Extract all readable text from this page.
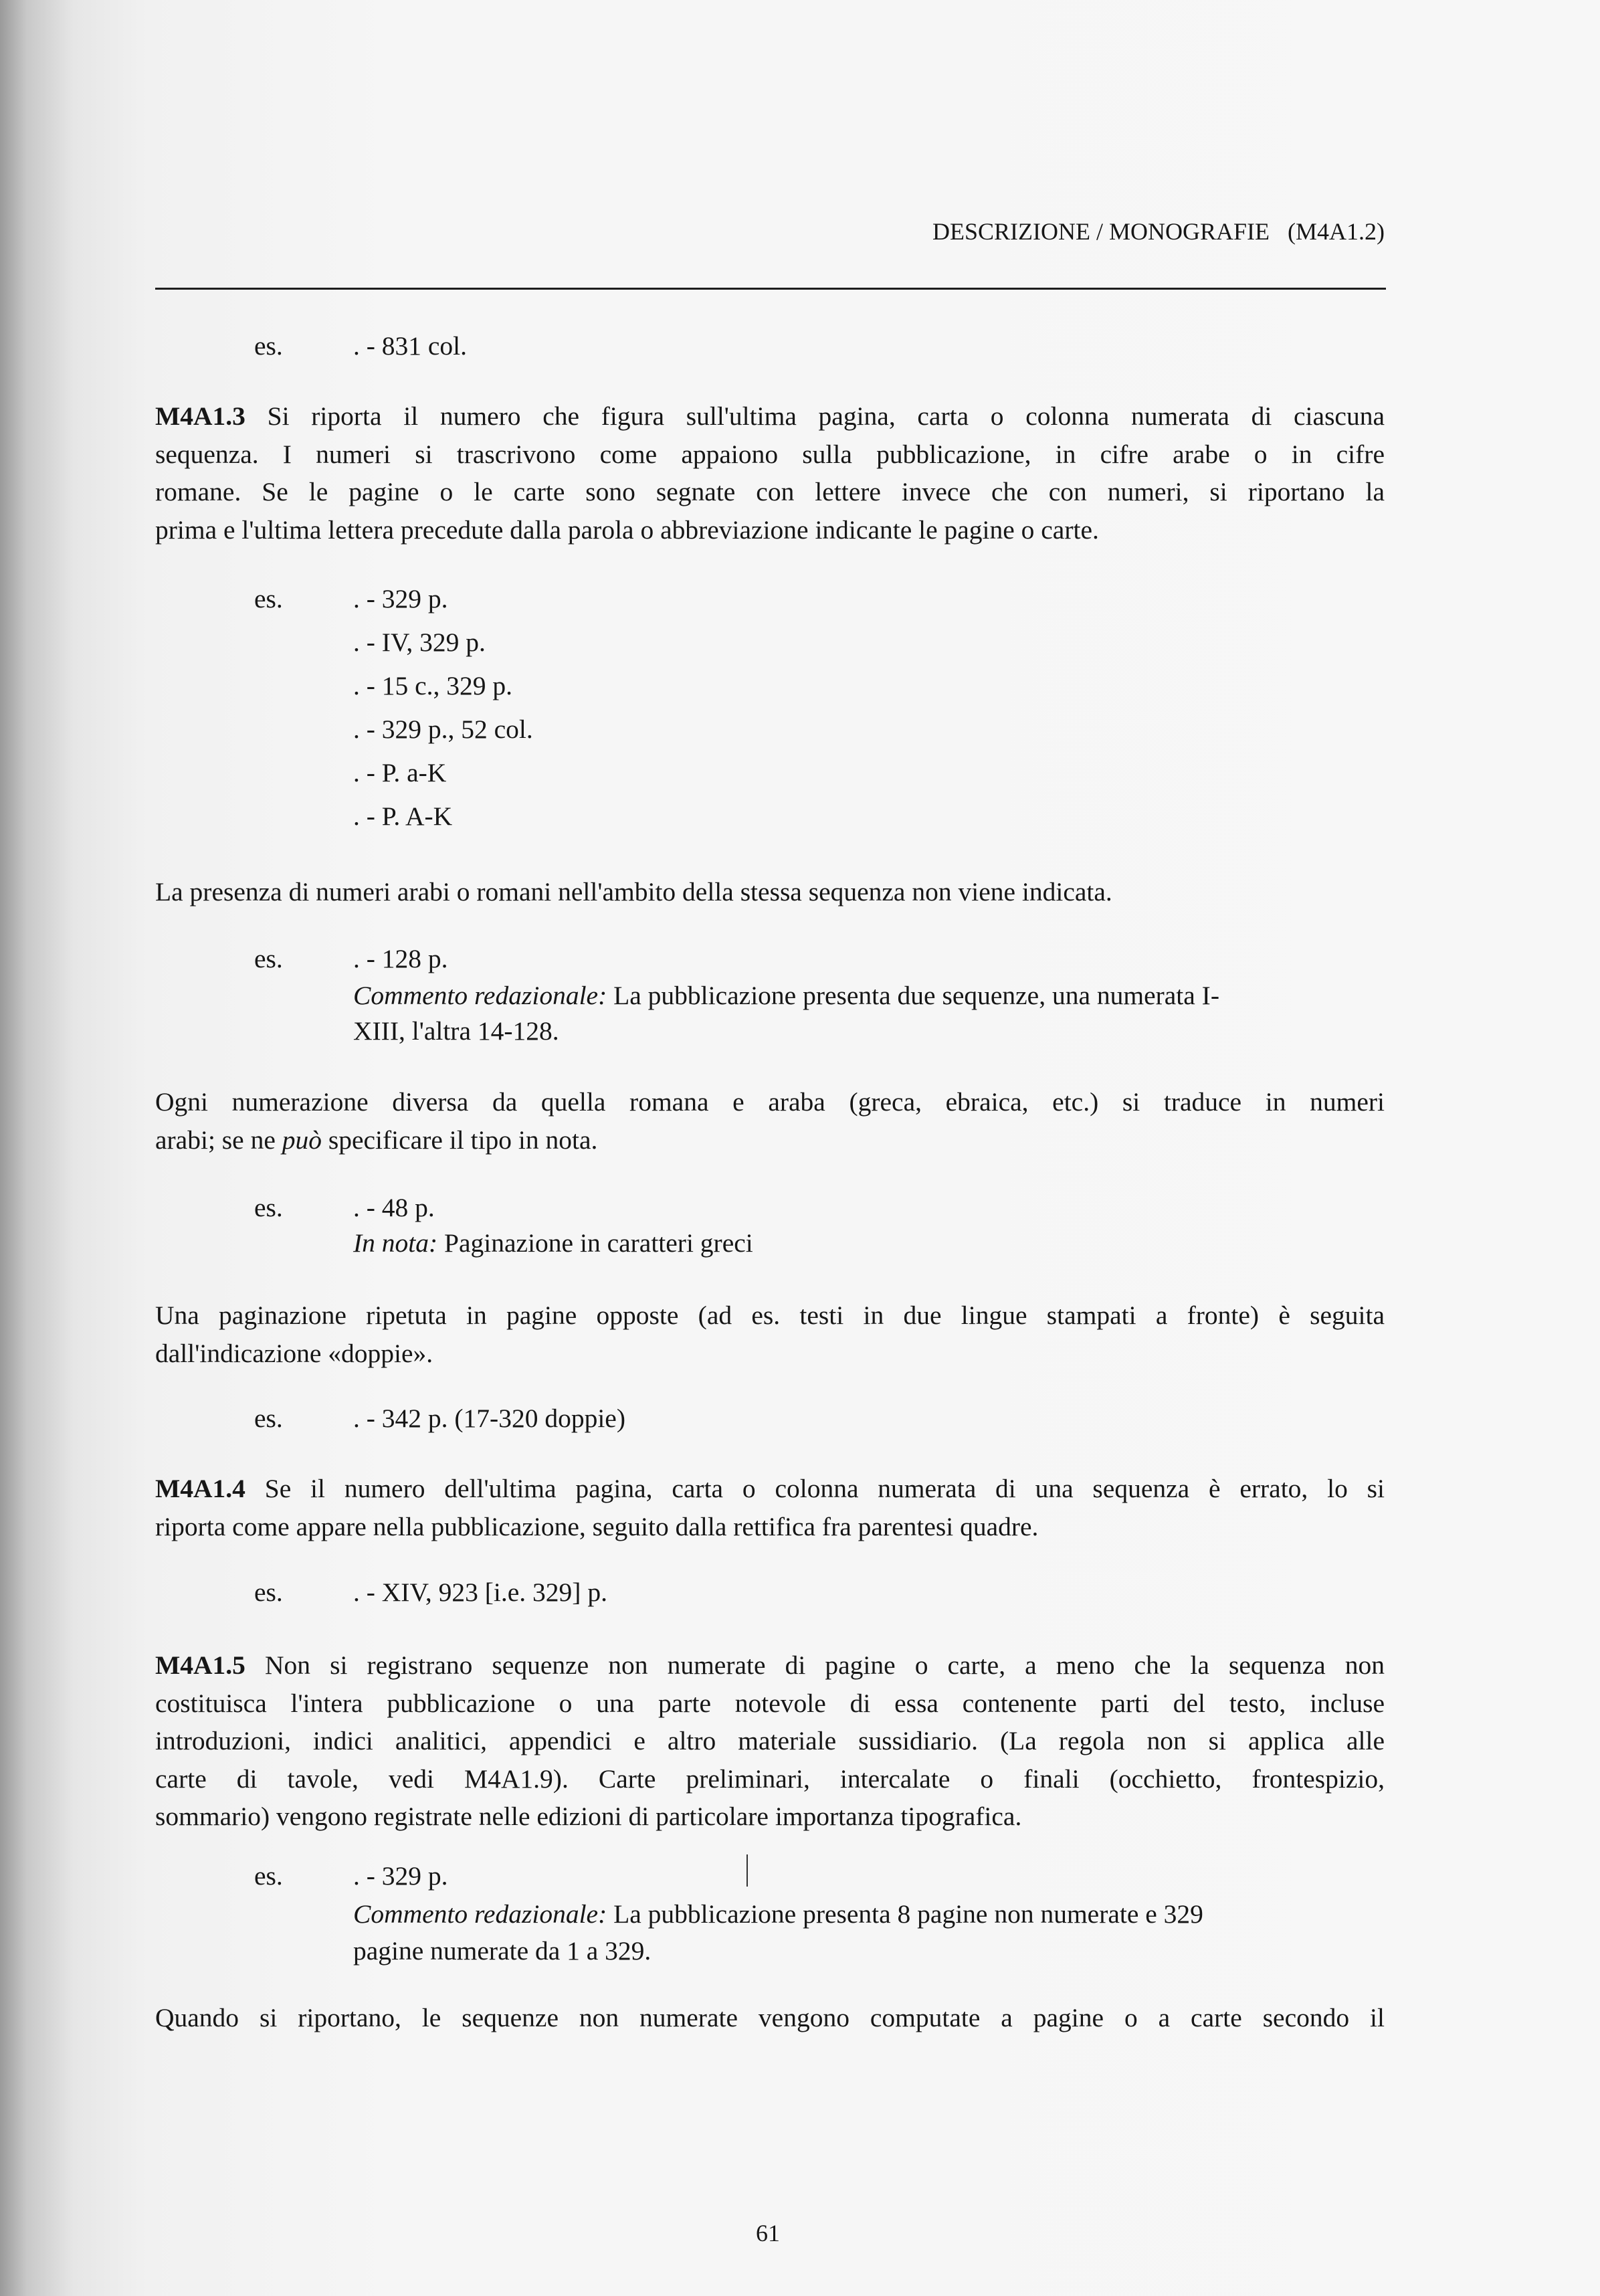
DESCRIZIONE / MONOGRAFIE (M4A1.2)
es.	. - 831 col.

M4A1.3 Si riporta il numero che figura sull'ultima pagina, carta o colonna numerata di ciascuna

sequenza. I numeri si trascrivono come appaiono sulla pubblicazione, in cifre arabe o in cifre

romane. Se le pagine o le carte sono segnate con lettere invece che con numeri, si riportano la

prima e l'ultima lettera precedute dalla parola o abbreviazione indicante le pagine o carte.

es.	. - 329 p.
. - IV, 329 p.
. - 15 c., 329 p.
. - 329 p., 52 col.
. - P. a-K
. - P. A-K
La presenza di numeri arabi o romani nell'ambito della stessa sequenza non viene indicata.
es.	. - 128 p.
Commento redazionale: La pubblicazione presenta due sequenze, una numerata I-
XIII, l'altra 14-128.

Ogni numerazione diversa da quella romana e araba (greca, ebraica, etc.) si traduce in numeri

arabi; se ne può specificare il tipo in nota.

es.	. - 48 p.
In nota: Paginazione in caratteri greci

Una paginazione ripetuta in pagine opposte (ad es. testi in due lingue stampati a fronte) è seguita

dall'indicazione «doppie».

es.	. - 342 p. (17-320 doppie)

M4A1.4 Se il numero dell'ultima pagina, carta o colonna numerata di una sequenza è errato, lo si

riporta come appare nella pubblicazione, seguito dalla rettifica fra parentesi quadre.

es.	. - XIV, 923 [i.e. 329] p.

M4A1.5 Non si registrano sequenze non numerate di pagine o carte, a meno che la sequenza non

costituisca l'intera pubblicazione o una parte notevole di essa contenente parti del testo, incluse

introduzioni, indici analitici, appendici e altro materiale sussidiario. (La regola non si applica alle

carte di tavole, vedi M4A1.9). Carte preliminari, intercalate o finali (occhietto, frontespizio,

sommario) vengono registrate nelle edizioni di particolare importanza tipografica.

es.	. - 329 p.
Commento redazionale: La pubblicazione presenta 8 pagine non numerate e 329
pagine numerate da 1 a 329.

Quando si riportano, le sequenze non numerate vengono computate a pagine o a carte secondo il

61
